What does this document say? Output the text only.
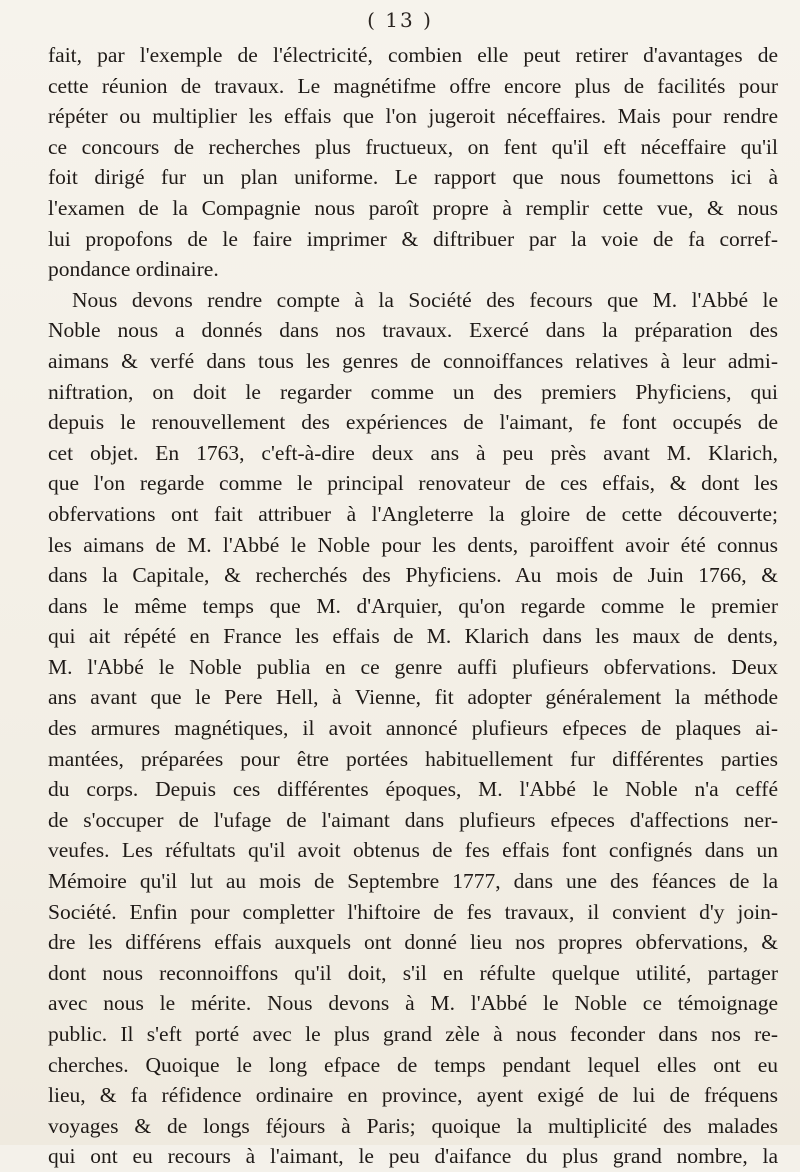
( 13 )
fait, par l'exemple de l'électricité, combien elle peut retirer d'avantages de
cette réunion de travaux. Le magnétifme offre encore plus de facilités pour
répéter ou multiplier les effais que l'on jugeroit néceffaires. Mais pour rendre
ce concours de recherches plus fructueux, on fent qu'il eft néceffaire qu'il
foit dirigé fur un plan uniforme. Le rapport que nous foumettons ici à
l'examen de la Compagnie nous paroît propre à remplir cette vue, & nous
lui propofons de le faire imprimer & diftribuer par la voie de fa corref-
pondance ordinaire.
Nous devons rendre compte à la Société des fecours que M. l'Abbé le
Noble nous a donnés dans nos travaux. Exercé dans la préparation des
aimans & verfé dans tous les genres de connoiffances relatives à leur admi-
niftration, on doit le regarder comme un des premiers Phyficiens, qui
depuis le renouvellement des expériences de l'aimant, fe font occupés de
cet objet. En 1763, c'eft-à-dire deux ans à peu près avant M. Klarich,
que l'on regarde comme le principal renovateur de ces effais, & dont les
obfervations ont fait attribuer à l'Angleterre la gloire de cette découverte;
les aimans de M. l'Abbé le Noble pour les dents, paroiffent avoir été connus
dans la Capitale, & recherchés des Phyficiens. Au mois de Juin 1766, &
dans le même temps que M. d'Arquier, qu'on regarde comme le premier
qui ait répété en France les effais de M. Klarich dans les maux de dents,
M. l'Abbé le Noble publia en ce genre auffi plufieurs obfervations. Deux
ans avant que le Pere Hell, à Vienne, fit adopter généralement la méthode
des armures magnétiques, il avoit annoncé plufieurs efpeces de plaques ai-
mantées, préparées pour être portées habituellement fur différentes parties
du corps. Depuis ces différentes époques, M. l'Abbé le Noble n'a ceffé
de s'occuper de l'ufage de l'aimant dans plufieurs efpeces d'affections ner-
veufes. Les réfultats qu'il avoit obtenus de fes effais font confignés dans un
Mémoire qu'il lut au mois de Septembre 1777, dans une des féances de la
Société. Enfin pour completter l'hiftoire de fes travaux, il convient d'y join-
dre les différens effais auxquels ont donné lieu nos propres obfervations, &
dont nous reconnoiffons qu'il doit, s'il en réfulte quelque utilité, partager
avec nous le mérite. Nous devons à M. l'Abbé le Noble ce témoignage
public. Il s'eft porté avec le plus grand zèle à nous feconder dans nos re-
cherches. Quoique le long efpace de temps pendant lequel elles ont eu
lieu, & fa réfidence ordinaire en province, ayent exigé de lui de fréquens
voyages & de longs féjours à Paris; quoique la multiplicité des malades
qui ont eu recours à l'aimant, le peu d'aifance du plus grand nombre, la
